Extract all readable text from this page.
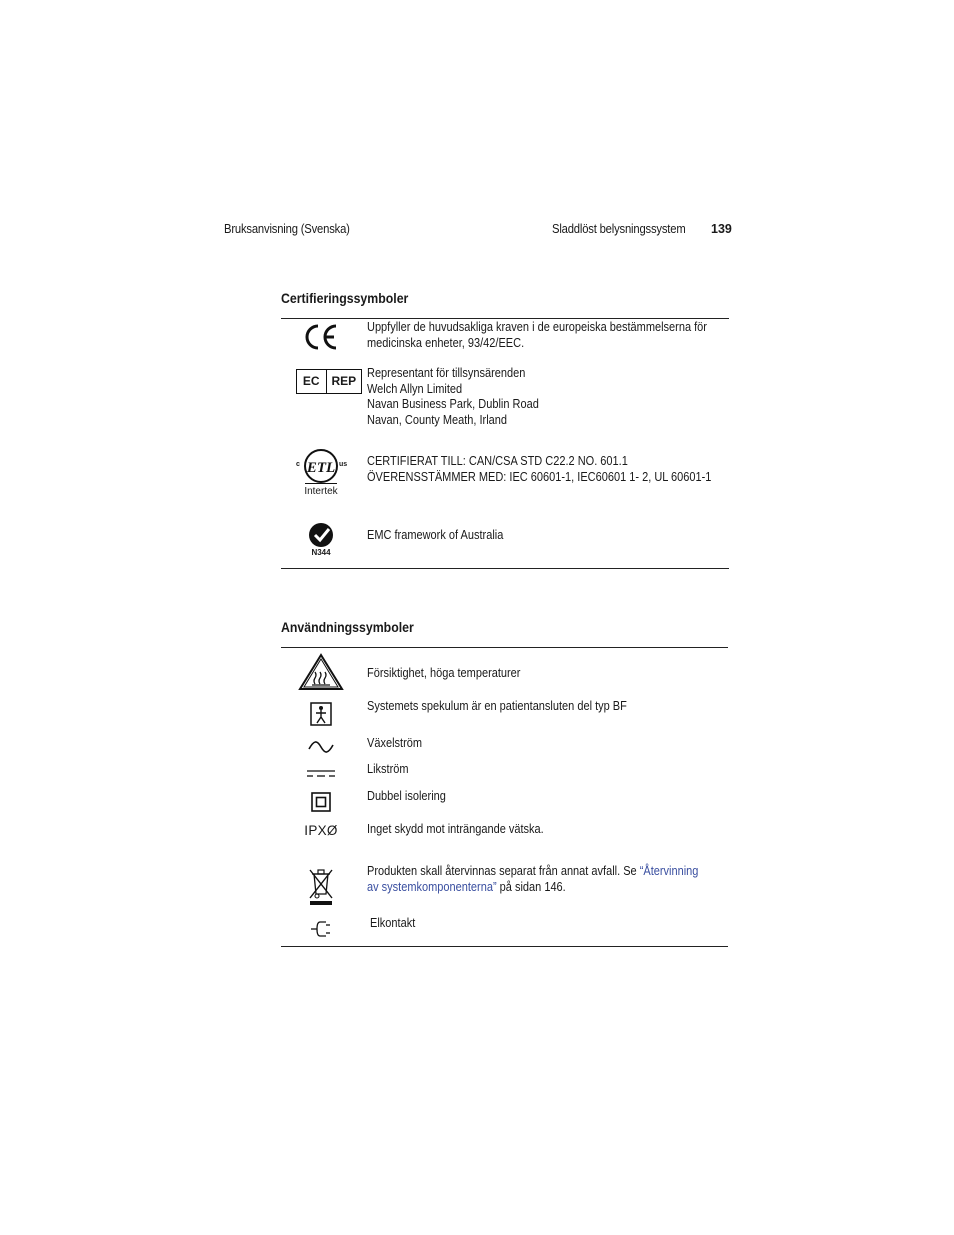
Bruksanvisning (Svenska)	Sladdlöst belysningssystem 139
Certifieringssymboler
Uppfyller de huvudsakliga kraven i de europeiska bestämmelserna för
medicinska enheter, 93/42/EEC.
EC	REP
Representant för tillsynsärenden
Welch Allyn Limited
Navan Business Park, Dublin Road
Navan, County Meath, Irland
ETL
c	us
Intertek
CERTIFIERAT TILL: CAN/CSA STD C22.2 NO. 601.1
ÖVERENSSTÄMMER MED: IEC 60601-1, IEC60601 1- 2, UL 60601-1
N344
EMC framework of Australia
Användningssymboler
Försiktighet, höga temperaturer
Systemets spekulum är en patientansluten del typ BF
Växelström
Likström
Dubbel isolering
IPXØ Inget skydd mot inträngande vätska.
Produkten skall återvinnas separat från annat avfall. Se “Återvinning
av systemkomponenterna” på sidan 146.
Elkontakt
